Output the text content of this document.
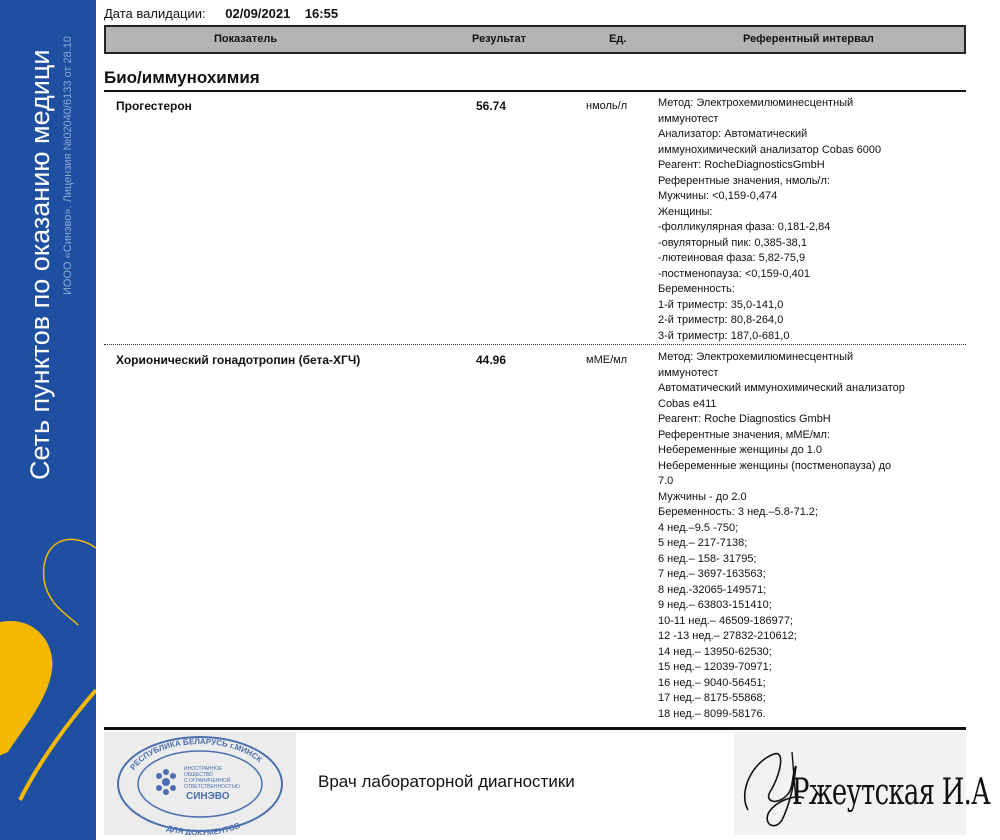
ИООО «Синэво». Лицензия №02040/6133 от 28.10
Сеть пунктов по оказанию медици
Дата валидации: 02/09/2021 16:55
Показатель	Результат	Ед.	Референтный интервал
Био/иммунохимия
Прогестерон	56.74	нмоль/л	Метод: Электрохемилюминесцентный
иммунотест
Анализатор: Автоматический
иммунохимический анализатор Cobas 6000
Реагент: RocheDiagnosticsGmbH
Референтные значения, нмоль/л:
Мужчины: <0,159-0,474
Женщины:
-фолликулярная фаза: 0,181-2,84
-овуляторный пик: 0,385-38,1
-лютеиновая фаза: 5,82-75,9
-постменопауза: <0,159-0,401
Беременность:
1-й триместр: 35,0-141,0
2-й триместр: 80,8-264,0
3-й триместр: 187,0-681,0
Хорионический гонадотропин (бета-ХГЧ)	44.96	мМЕ/мл	Метод: Электрохемилюминесцентный
иммунотест
Автоматический иммунохимический анализатор
Cobas e411
Реагент: Roche Diagnostics GmbH
Референтные значения, мМЕ/мл:
Небеременные женщины до 1.0
Небеременные женщины (постменопауза) до
7.0
Мужчины - до 2.0
Беременность: 3 нед.–5.8-71.2;
4 нед.–9.5 -750;
5 нед.– 217-7138;
6 нед.– 158- 31795;
7 нед.– 3697-163563;
8 нед.-32065-149571;
9 нед.– 63803-151410;
10-11 нед.– 46509-186977;
12 -13 нед.– 27832-210612;
14 нед.– 13950-62530;
15 нед.– 12039-70971;
16 нед.– 9040-56451;
17 нед.– 8175-55868;
18 нед.– 8099-58176.
РЕСПУБЛИКА БЕЛАРУСЬ г.МИНСК
ДЛЯ ДОКУМЕНТОВ
ИНОСТРАННОЕ
ОБЩЕСТВО
С ОГРАНИЧЕННОЙ
ОТВЕТСТВЕННОСТЬЮ
СИНЭВО
Врач лабораторной диагностики	Ржеутская И.А
